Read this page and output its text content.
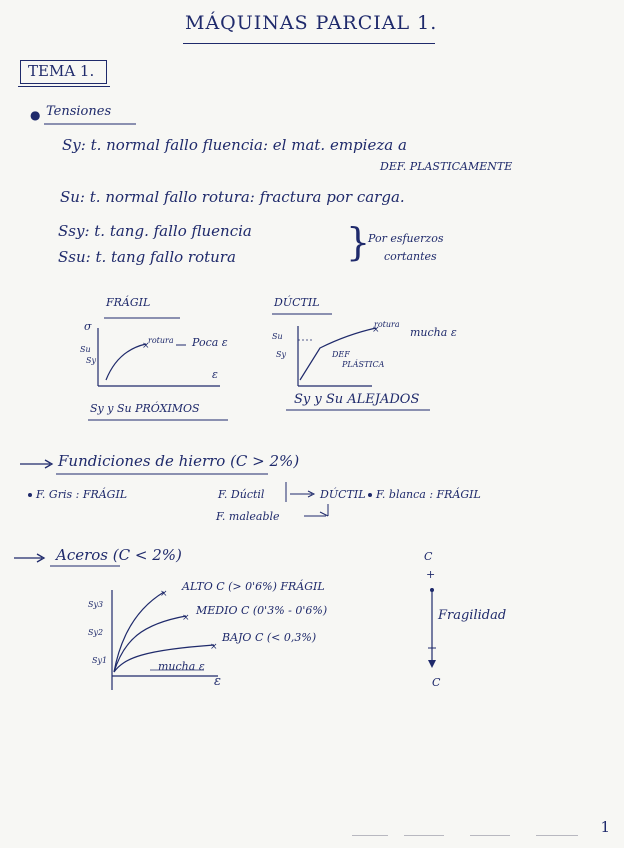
MÁQUINAS PARCIAL 1.
TEMA 1.
● Tensiones
Sy: t. normal fallo fluencia: el mat. empieza a
DEF. PLASTICAMENTE
Su: t. normal fallo rotura: fractura por carga.
Ssy: t. tang. fallo fluencia
Ssu: t. tang fallo rotura	}
Por esfuerzos
cortantes
FRÁGIL
σ
Su
Sy
rotura Poca ε
ε
Sy y Su PRÓXIMOS
×
DÚCTIL
Su
Sy
rotura
DEF
PLÁSTICA
mucha ε
Sy y Su ALEJADOS
×
Fundiciones de hierro (C > 2%)
F. Gris : FRÁGIL	F. Dúctil	DÚCTIL F. blanca : FRÁGIL
F. maleable
Aceros (C < 2%)
ALTO C (> 0'6%) FRÁGIL
MEDIO C (0'3% - 0'6%)
BAJO C (< 0,3%)
Sy3
Sy2
Sy1	mucha ε
ε
×
×
×
C
+
Fragilidad
C
1
